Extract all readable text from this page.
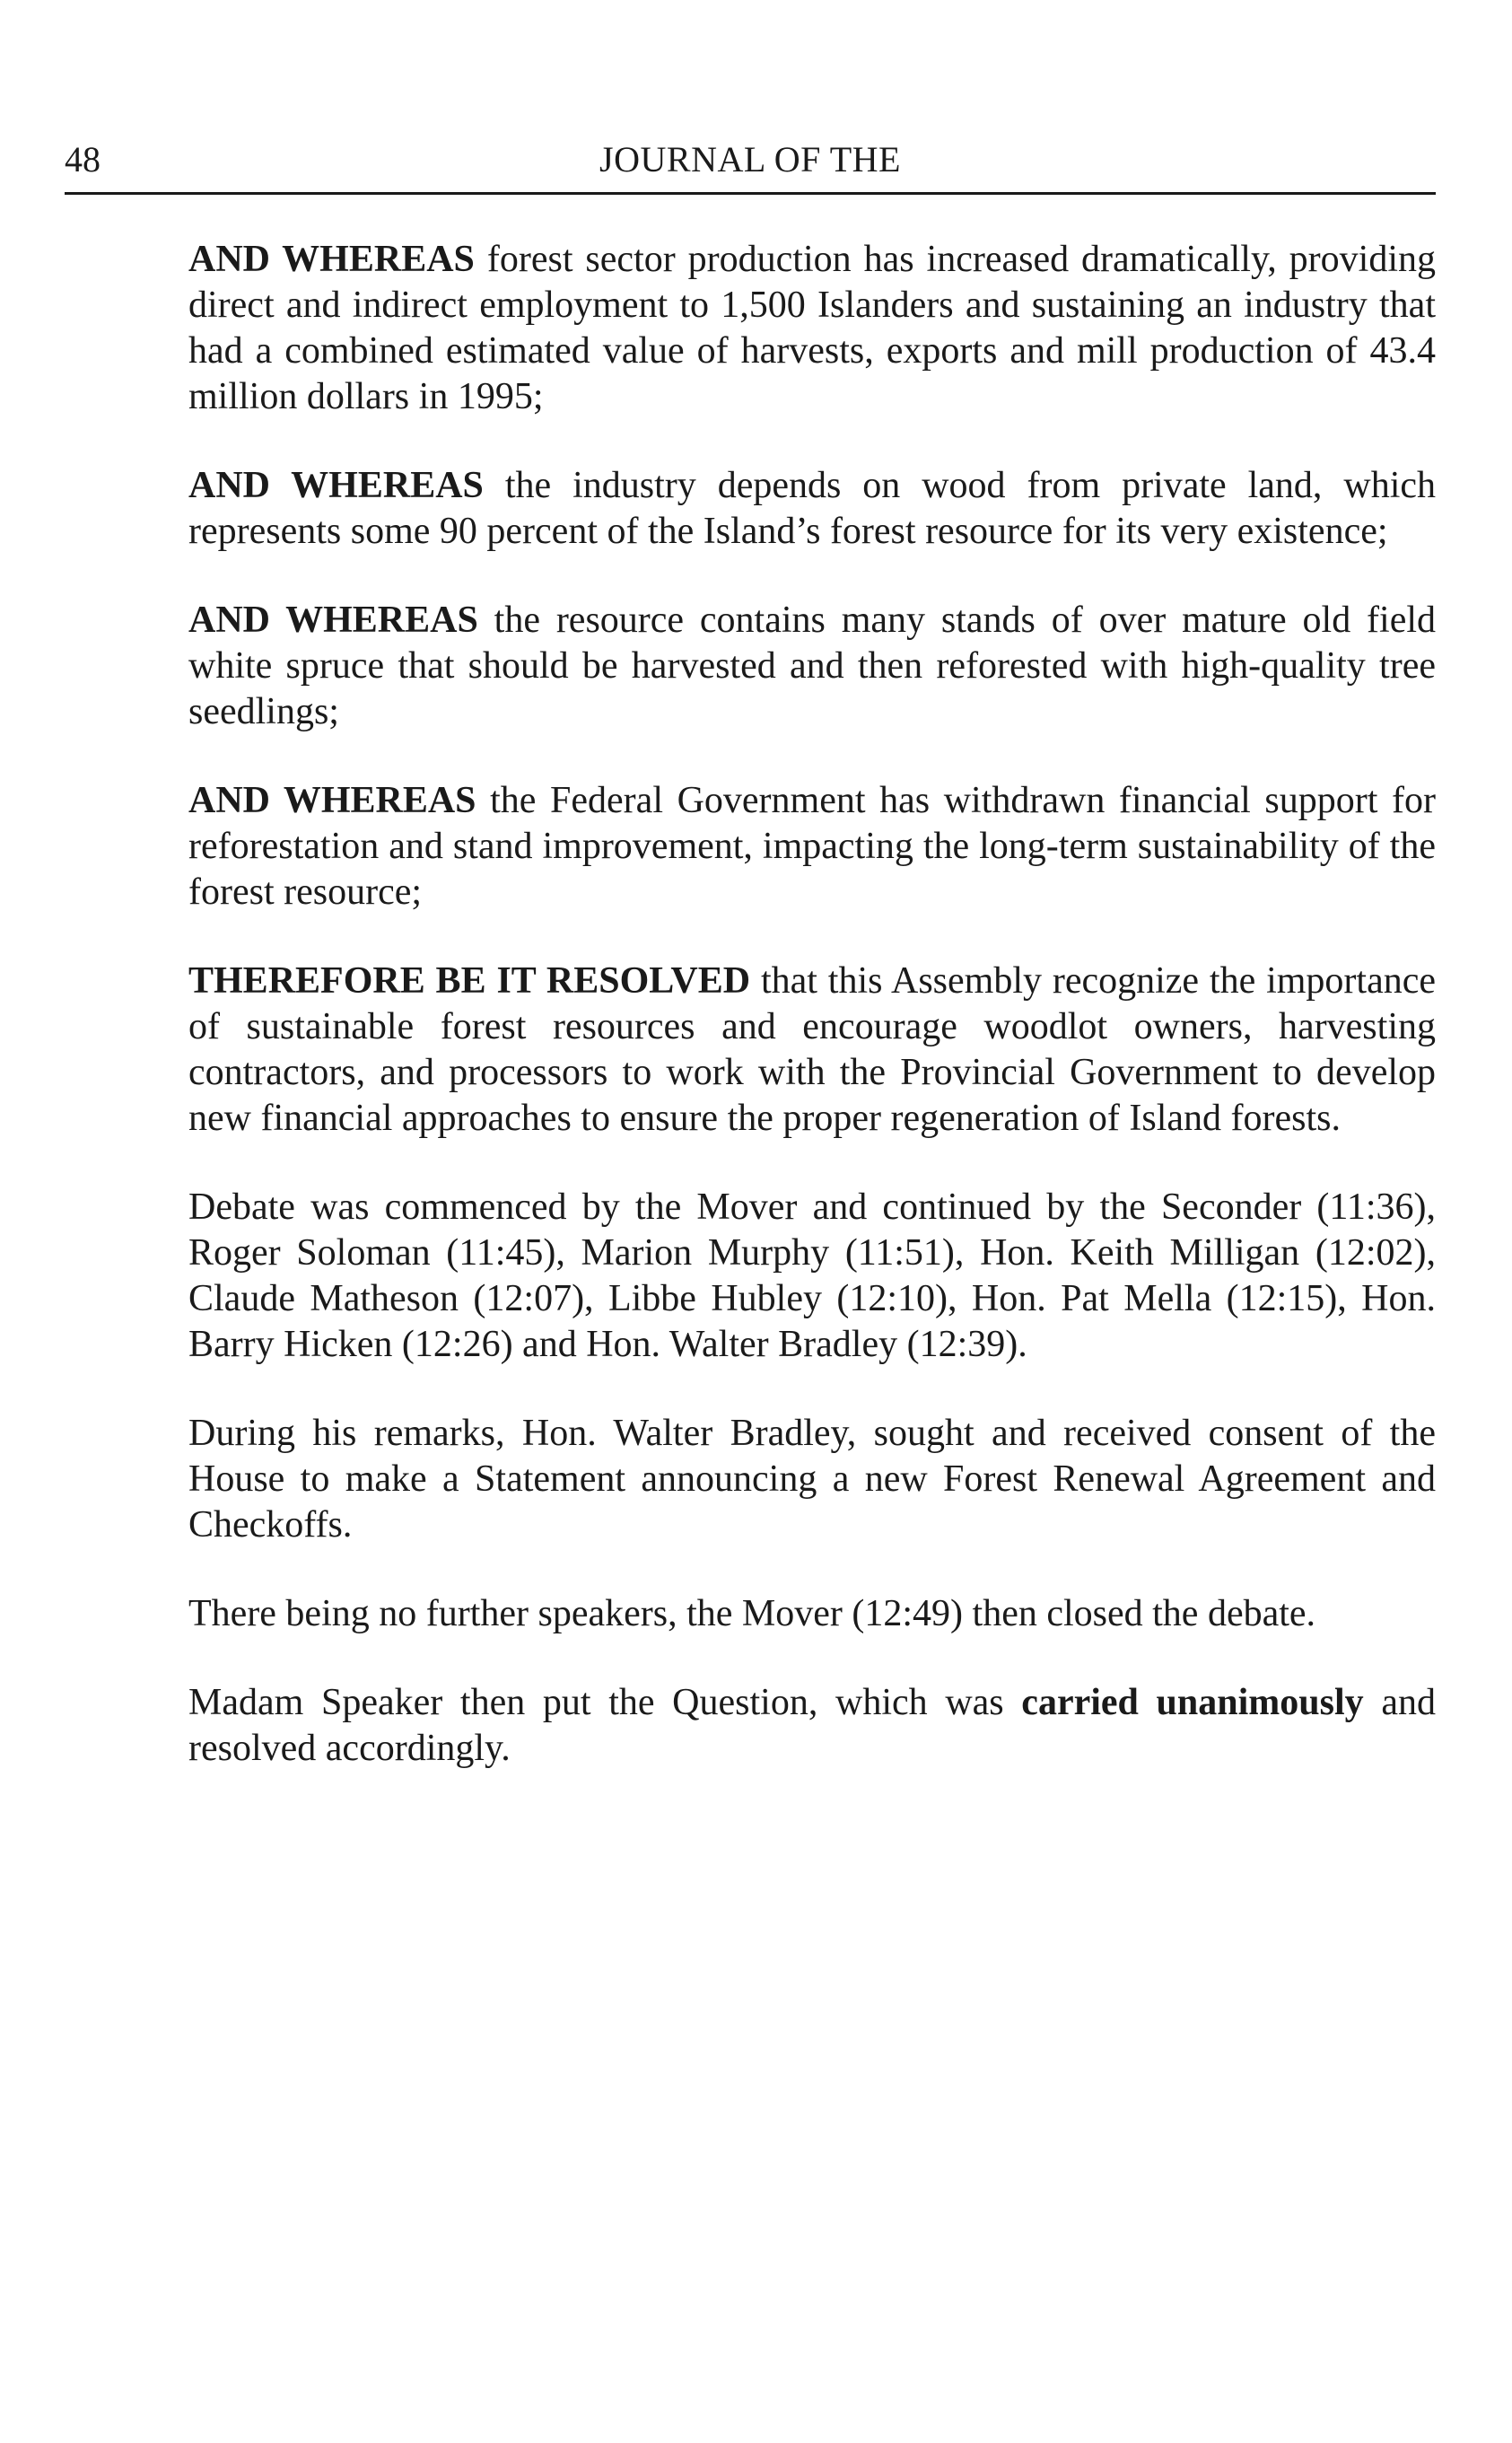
48	JOURNAL OF THE

AND WHEREAS forest sector production has increased dramatically, providing direct and indirect employment to 1,500 Islanders and sustaining an industry that had a combined estimated value of harvests, exports and mill production of 43.4 million dollars in 1995;

AND WHEREAS the industry depends on wood from private land, which represents some 90 percent of the Island’s forest resource for its very existence;

AND WHEREAS the resource contains many stands of over mature old field white spruce that should be harvested and then reforested with high-quality tree seedlings;

AND WHEREAS the Federal Government has withdrawn financial support for reforestation and stand improvement, impacting the long-term sustainability of the forest resource;

THEREFORE BE IT RESOLVED that this Assembly recognize the importance of sustainable forest resources and encourage woodlot owners, harvesting contractors, and processors to work with the Provincial Government to develop new financial approaches to ensure the proper regeneration of Island forests.

Debate was commenced by the Mover and continued by the Seconder (11:36), Roger Soloman (11:45), Marion Murphy (11:51), Hon. Keith Milligan (12:02), Claude Matheson (12:07), Libbe Hubley (12:10), Hon. Pat Mella (12:15), Hon. Barry Hicken (12:26) and Hon. Walter Bradley (12:39).

During his remarks, Hon. Walter Bradley, sought and received consent of the House to make a Statement announcing a new Forest Renewal Agreement and Checkoffs.

There being no further speakers, the Mover (12:49) then closed the debate.

Madam Speaker then put the Question, which was carried unanimously and resolved accordingly.
